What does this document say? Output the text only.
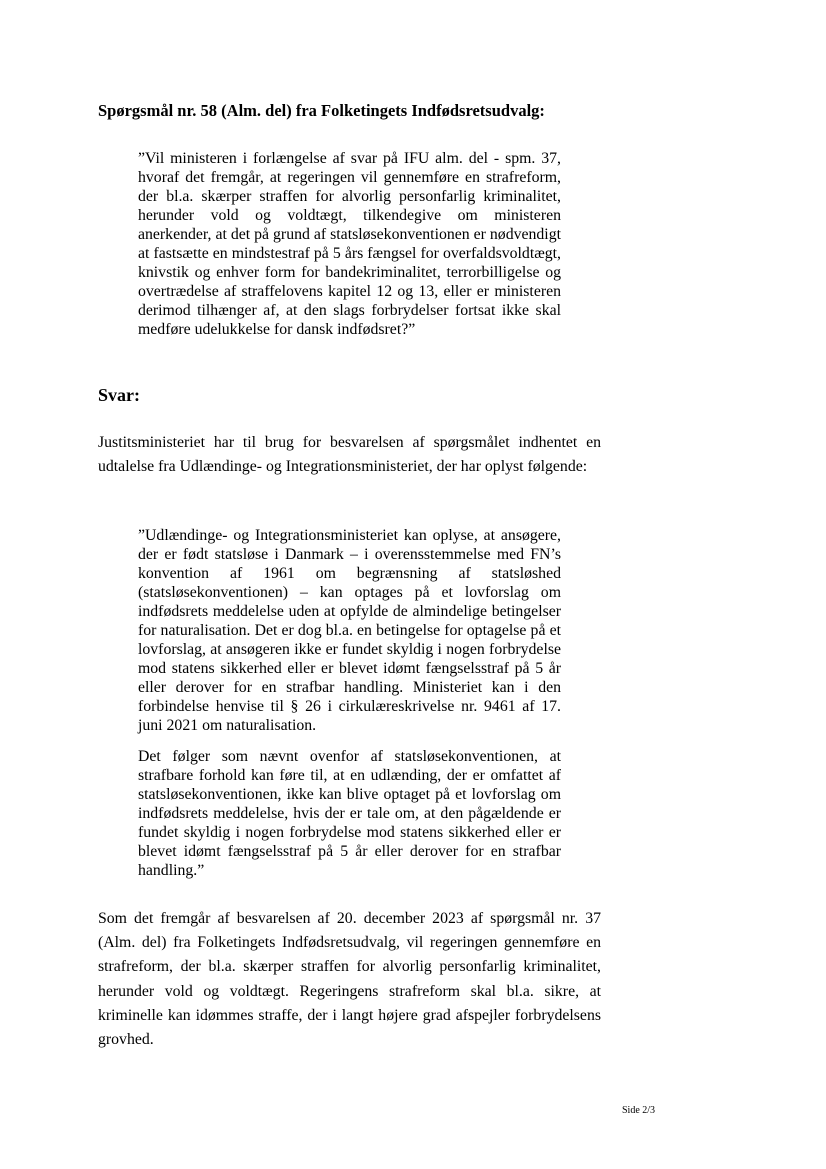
Spørgsmål nr. 58 (Alm. del) fra Folketingets Indfødsretsudvalg:

”Vil ministeren i forlængelse af svar på IFU alm. del - spm. 37, hvoraf det fremgår, at regeringen vil gennemføre en strafreform, der bl.a. skærper straffen for alvorlig personfarlig kriminalitet, herunder vold og voldtægt, tilkendegive om ministeren anerkender, at det på grund af statsløsekonventionen er nødvendigt at fastsætte en mindstestraf på 5 års fængsel for overfaldsvoldtægt, knivstik og enhver form for bandekriminalitet, terrorbilligelse og overtrædelse af straffelovens kapitel 12 og 13, eller er ministeren derimod tilhænger af, at den slags forbrydelser fortsat ikke skal medføre udelukkelse for dansk indfødsret?”

Svar:

Justitsministeriet har til brug for besvarelsen af spørgsmålet indhentet en udtalelse fra Udlændinge- og Integrationsministeriet, der har oplyst følgende:

”Udlændinge- og Integrationsministeriet kan oplyse, at ansøgere, der er født statsløse i Danmark – i overensstemmelse med FN’s konvention af 1961 om begrænsning af statsløshed (statsløsekonventionen) – kan optages på et lovforslag om indfødsrets meddelelse uden at opfylde de almindelige betingelser for naturalisation. Det er dog bl.a. en betingelse for optagelse på et lovforslag, at ansøgeren ikke er fundet skyldig i nogen forbrydelse mod statens sikkerhed eller er blevet idømt fængselsstraf på 5 år eller derover for en strafbar handling. Ministeriet kan i den forbindelse henvise til § 26 i cirkulæreskrivelse nr. 9461 af 17. juni 2021 om naturalisation.

Det følger som nævnt ovenfor af statsløsekonventionen, at strafbare forhold kan føre til, at en udlænding, der er omfattet af statsløsekonventionen, ikke kan blive optaget på et lovforslag om indfødsrets meddelelse, hvis der er tale om, at den pågældende er fundet skyldig i nogen forbrydelse mod statens sikkerhed eller er blevet idømt fængselsstraf på 5 år eller derover for en strafbar handling.”

Som det fremgår af besvarelsen af 20. december 2023 af spørgsmål nr. 37 (Alm. del) fra Folketingets Indfødsretsudvalg, vil regeringen gennemføre en strafreform, der bl.a. skærper straffen for alvorlig personfarlig kriminalitet, herunder vold og voldtægt. Regeringens strafreform skal bl.a. sikre, at kriminelle kan idømmes straffe, der i langt højere grad afspejler forbrydelsens grovhed.

Side 2/3
